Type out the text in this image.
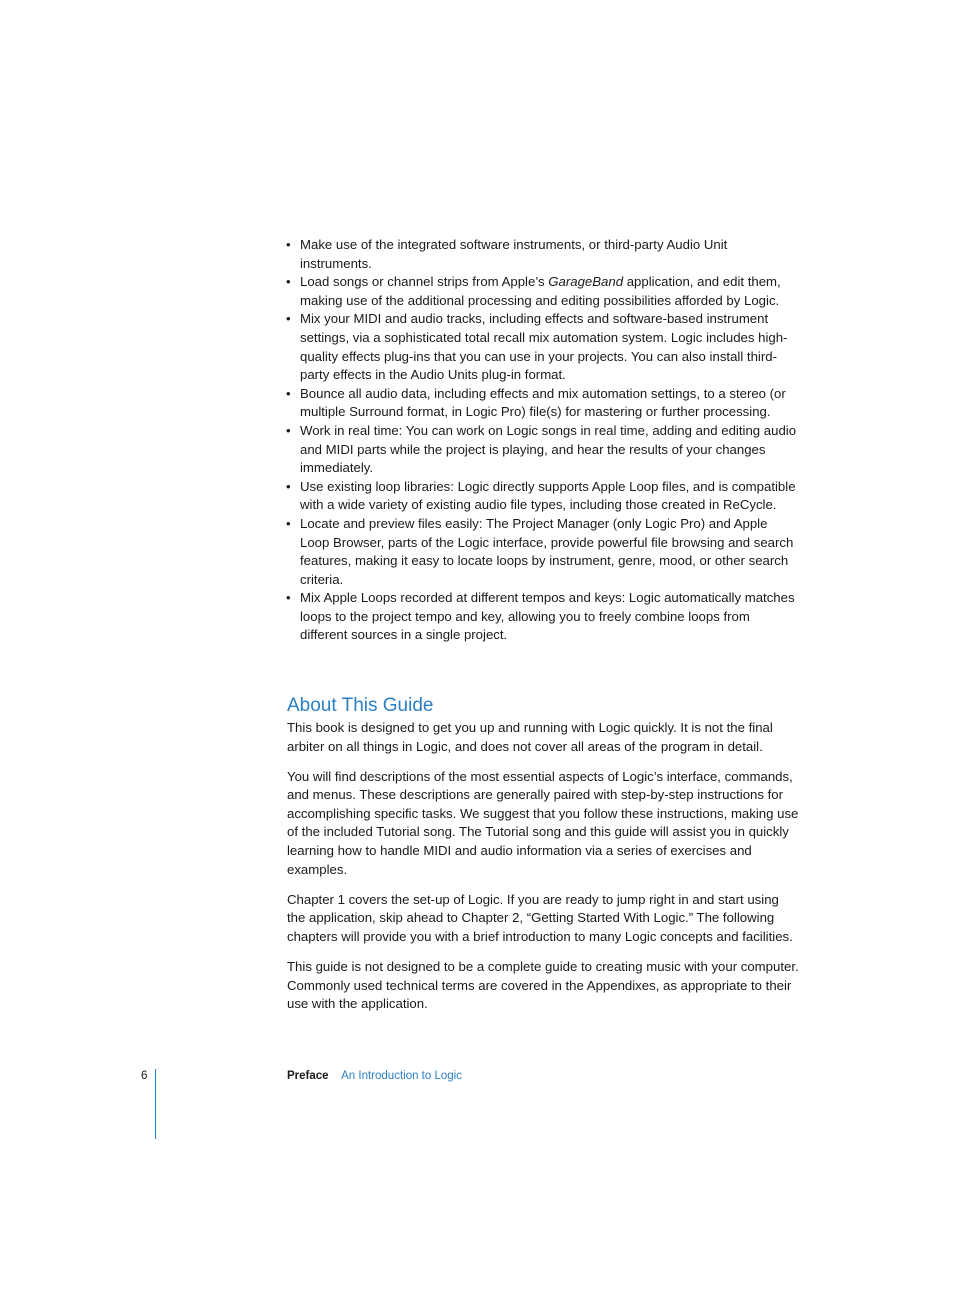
• Make use of the integrated software instruments, or third-party Audio Unit instruments.
• Load songs or channel strips from Apple’s GarageBand application, and edit them, making use of the additional processing and editing possibilities afforded by Logic.
• Mix your MIDI and audio tracks, including effects and software-based instrument settings, via a sophisticated total recall mix automation system. Logic includes high-quality effects plug-ins that you can use in your projects. You can also install third-party effects in the Audio Units plug-in format.
• Bounce all audio data, including effects and mix automation settings, to a stereo (or multiple Surround format, in Logic Pro) file(s) for mastering or further processing.
• Work in real time: You can work on Logic songs in real time, adding and editing audio and MIDI parts while the project is playing, and hear the results of your changes immediately.
• Use existing loop libraries: Logic directly supports Apple Loop files, and is compatible with a wide variety of existing audio file types, including those created in ReCycle.
• Locate and preview files easily: The Project Manager (only Logic Pro) and Apple Loop Browser, parts of the Logic interface, provide powerful file browsing and search features, making it easy to locate loops by instrument, genre, mood, or other search criteria.
• Mix Apple Loops recorded at different tempos and keys: Logic automatically matches loops to the project tempo and key, allowing you to freely combine loops from different sources in a single project.
About This Guide

This book is designed to get you up and running with Logic quickly. It is not the final arbiter on all things in Logic, and does not cover all areas of the program in detail.

You will find descriptions of the most essential aspects of Logic’s interface, commands, and menus. These descriptions are generally paired with step-by-step instructions for accomplishing specific tasks. We suggest that you follow these instructions, making use of the included Tutorial song. The Tutorial song and this guide will assist you in quickly learning how to handle MIDI and audio information via a series of exercises and examples.

Chapter 1 covers the set-up of Logic. If you are ready to jump right in and start using the application, skip ahead to Chapter 2, “Getting Started With Logic.” The following chapters will provide you with a brief introduction to many Logic concepts and facilities.

This guide is not designed to be a complete guide to creating music with your computer. Commonly used technical terms are covered in the Appendixes, as appropriate to their use with the application.

6	Preface An Introduction to Logic
